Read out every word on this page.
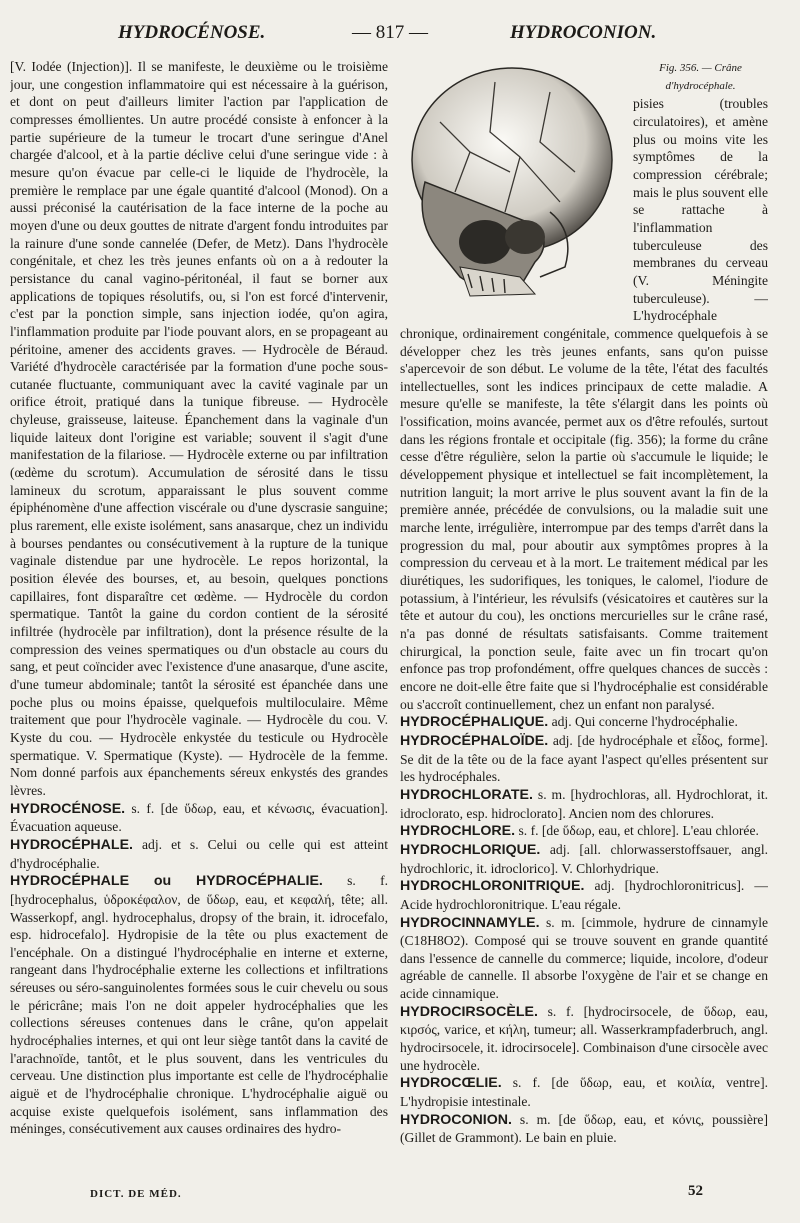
HYDROCÉNOSE.	— 817 —	HYDROCONION.

[V. Iodée (Injection)]. Il se manifeste, le deuxième ou le troisième jour, une congestion inflammatoire qui est nécessaire à la guérison, et dont on peut d'ailleurs limiter l'action par l'application de compresses émollientes. Un autre procédé consiste à enfoncer à la partie supérieure de la tumeur le trocart d'une seringue d'Anel chargée d'alcool, et à la partie déclive celui d'une seringue vide : à mesure qu'on évacue par celle-ci le liquide de l'hydrocèle, la première le remplace par une égale quantité d'alcool (Monod). On a aussi préconisé la cautérisation de la face interne de la poche au moyen d'une ou deux gouttes de nitrate d'argent fondu introduites par la rainure d'une sonde cannelée (Defer, de Metz). Dans l'hydrocèle congénitale, et chez les très jeunes enfants où on a à redouter la persistance du canal vagino-péritonéal, il faut se borner aux applications de topiques résolutifs, ou, si l'on est forcé d'intervenir, c'est par la ponction simple, sans injection iodée, qu'on agira, l'inflammation produite par l'iode pouvant alors, en se propageant au péritoine, amener des accidents graves. — Hydrocèle de Béraud. Variété d'hydrocèle caractérisée par la formation d'une poche sous-cutanée fluctuante, communiquant avec la cavité vaginale par un orifice étroit, pratiqué dans la tunique fibreuse. — Hydrocèle chyleuse, graisseuse, laiteuse. Épanchement dans la vaginale d'un liquide laiteux dont l'origine est variable; souvent il s'agit d'une manifestation de la filariose. — Hydrocèle externe ou par infiltration (œdème du scrotum). Accumulation de sérosité dans le tissu lamineux du scrotum, apparaissant le plus souvent comme épiphénomène d'une affection viscérale ou d'une dyscrasie sanguine; plus rarement, elle existe isolément, sans anasarque, chez un individu à bourses pendantes ou consécutivement à la rupture de la tunique vaginale distendue par une hydrocèle. Le repos horizontal, la position élevée des bourses, et, au besoin, quelques ponctions capillaires, font disparaître cet œdème. — Hydrocèle du cordon spermatique. Tantôt la gaine du cordon contient de la sérosité infiltrée (hydrocèle par infiltration), dont la présence résulte de la compression des veines spermatiques ou d'un obstacle au cours du sang, et peut coïncider avec l'existence d'une anasarque, d'une ascite, d'une tumeur abdominale; tantôt la sérosité est épanchée dans une poche plus ou moins épaisse, quelquefois multiloculaire. Même traitement que pour l'hydrocèle vaginale. — Hydrocèle du cou. V. Kyste du cou. — Hydrocèle enkystée du testicule ou Hydrocèle spermatique. V. Spermatique (Kyste). — Hydrocèle de la femme. Nom donné parfois aux épanchements séreux enkystés des grandes lèvres.

HYDROCÉNOSE. s. f. [de ὕδωρ, eau, et κένωσις, évacuation]. Évacuation aqueuse.

HYDROCÉPHALE. adj. et s. Celui ou celle qui est atteint d'hydrocéphalie.

HYDROCÉPHALE ou HYDROCÉPHALIE. s. f. [hydrocephalus, ὑδροκέφαλον, de ὕδωρ, eau, et κεφαλή, tête; all. Wasserkopf, angl. hydrocephalus, dropsy of the brain, it. idrocefalo, esp. hidrocefalo]. Hydropisie de la tête ou plus exactement de l'encéphale. On a distingué l'hydrocéphalie en interne et externe, rangeant dans l'hydrocéphalie externe les collections et infiltrations séreuses ou séro-sanguinolentes formées sous le cuir chevelu ou sous le péricrâne; mais l'on ne doit appeler hydrocéphalies que les collections séreuses contenues dans le crâne, qu'on appelait hydrocéphalies internes, et qui ont leur siège tantôt dans la cavité de l'arachnoïde, tantôt, et le plus souvent, dans les ventricules du cerveau. Une distinction plus importante est celle de l'hydrocéphalie aiguë et de l'hydrocéphalie chronique. L'hydrocéphalie aiguë ou acquise existe quelquefois isolément, sans inflammation des méninges, consécutivement aux causes ordinaires des hydro-

Fig. 356. — Crâne d'hydrocéphale.
pisies (troubles circulatoires), et amène plus ou moins vite les symptômes de la compression cérébrale; mais le plus souvent elle se rattache à l'inflammation tuberculeuse des membranes du cerveau (V. Méningite tuberculeuse). — L'hydrocéphale chronique, ordinairement congénitale, commence quelquefois à se développer chez les très jeunes enfants, sans qu'on puisse s'apercevoir de son début. Le volume de la tête, l'état des facultés intellectuelles, sont les indices principaux de cette maladie. A mesure qu'elle se manifeste, la tête s'élargit dans les points où l'ossification, moins avancée, permet aux os d'être refoulés, surtout dans les régions frontale et occipitale (fig. 356); la forme du crâne cesse d'être régulière, selon la partie où s'accumule le liquide; le développement physique et intellectuel se fait incomplètement, la nutrition languit; la mort arrive le plus souvent avant la fin de la première année, précédée de convulsions, ou la maladie suit une marche lente, irrégulière, interrompue par des temps d'arrêt dans la progression du mal, pour aboutir aux symptômes propres à la compression du cerveau et à la mort. Le traitement médical par les diurétiques, les sudorifiques, les toniques, le calomel, l'iodure de potassium, à l'intérieur, les révulsifs (vésicatoires et cautères sur la tête et autour du cou), les onctions mercurielles sur le crâne rasé, n'a pas donné de résultats satisfaisants. Comme traitement chirurgical, la ponction seule, faite avec un fin trocart qu'on enfonce pas trop profondément, offre quelques chances de succès : encore ne doit-elle être faite que si l'hydrocéphalie est considérable ou s'accroît continuellement, chez un enfant non paralysé.

HYDROCÉPHALIQUE. adj. Qui concerne l'hydrocéphalie.

HYDROCÉPHALOÏDE. adj. [de hydrocéphale et εἶδος, forme]. Se dit de la tête ou de la face ayant l'aspect qu'elles présentent sur les hydrocéphales.

HYDROCHLORATE. s. m. [hydrochloras, all. Hydrochlorat, it. idroclorato, esp. hidroclorato]. Ancien nom des chlorures.

HYDROCHLORE. s. f. [de ὕδωρ, eau, et chlore]. L'eau chlorée.

HYDROCHLORIQUE. adj. [all. chlorwasserstoffsauer, angl. hydrochloric, it. idroclorico]. V. Chlorhydrique.

HYDROCHLORONITRIQUE. adj. [hydrochloronitricus]. — Acide hydrochloronitrique. L'eau régale.

HYDROCINNAMYLE. s. m. [cimmole, hydrure de cinnamyle (C18H8O2). Composé qui se trouve souvent en grande quantité dans l'essence de cannelle du commerce; liquide, incolore, d'odeur agréable de cannelle. Il absorbe l'oxygène de l'air et se change en acide cinnamique.

HYDROCIRSOCÈLE. s. f. [hydrocirsocele, de ὕδωρ, eau, κιρσός, varice, et κήλη, tumeur; all. Wasserkrampfaderbruch, angl. hydrocirsocele, it. idrocirsocele]. Combinaison d'une cirsocèle avec une hydrocèle.

HYDROCŒLIE. s. f. [de ὕδωρ, eau, et κοιλία, ventre]. L'hydropisie intestinale.

HYDROCONION. s. m. [de ὕδωρ, eau, et κόνις, poussière] (Gillet de Grammont). Le bain en pluie.

DICT. DE MÉD.	52
